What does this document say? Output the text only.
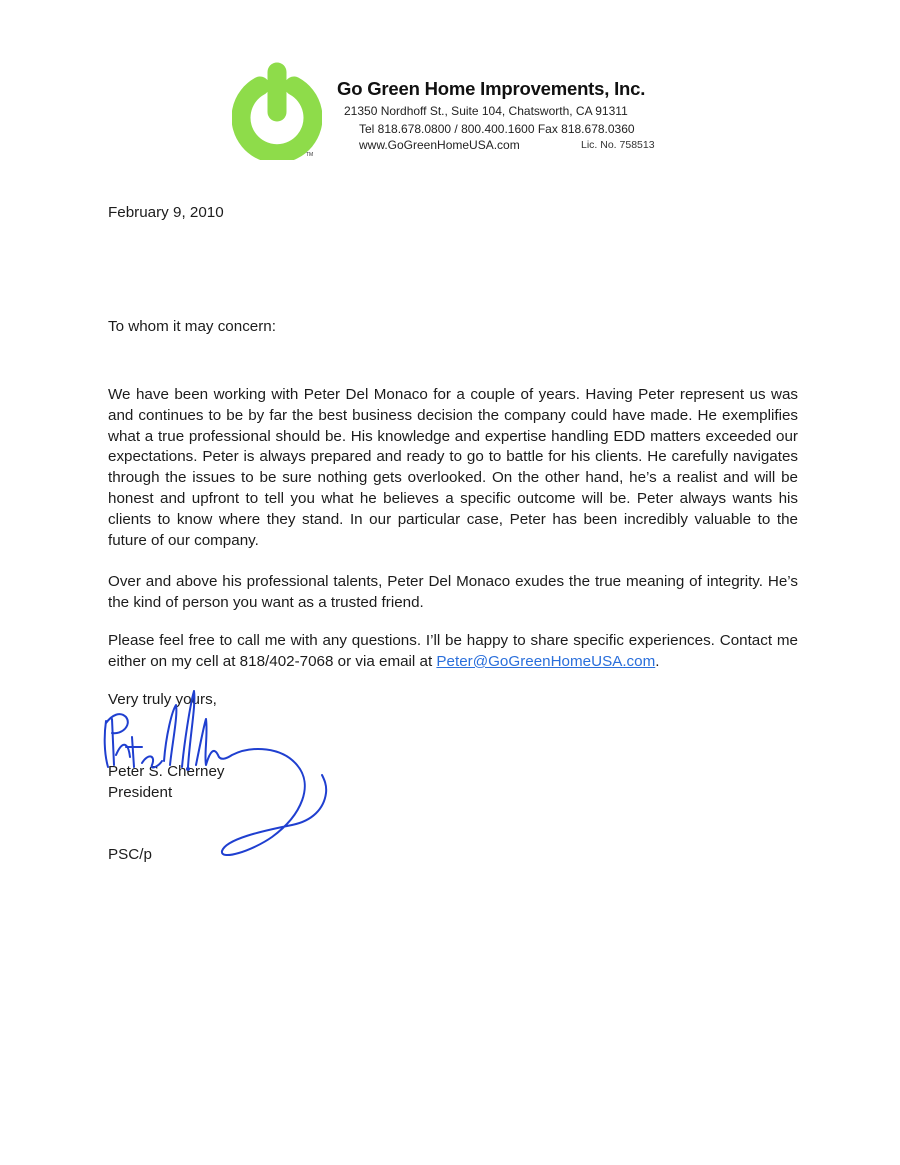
TM
Go Green Home Improvements, Inc.
21350 Nordhoff St., Suite 104, Chatsworth, CA 91311
Tel 818.678.0800 / 800.400.1600 Fax 818.678.0360
www.GoGreenHomeUSA.com	Lic. No. 758513
February 9, 2010
To whom it may concern:
We have been working with Peter Del Monaco for a couple of years. Having Peter represent us was and continues to be by far the best business decision the company could have made. He exemplifies what a true professional should be. His knowledge and expertise handling EDD matters exceeded our expectations. Peter is always prepared and ready to go to battle for his clients. He carefully navigates through the issues to be sure nothing gets overlooked. On the other hand, he’s a realist and will be honest and upfront to tell you what he believes a specific outcome will be. Peter always wants his clients to know where they stand. In our particular case, Peter has been incredibly valuable to the future of our company.
Over and above his professional talents, Peter Del Monaco exudes the true meaning of integrity. He’s the kind of person you want as a trusted friend.
Please feel free to call me with any questions. I’ll be happy to share specific experiences. Contact me either on my cell at 818/402-7068 or via email at Peter@GoGreenHomeUSA.com.
Very truly yours,
Peter S. Cherney
President
PSC/p
